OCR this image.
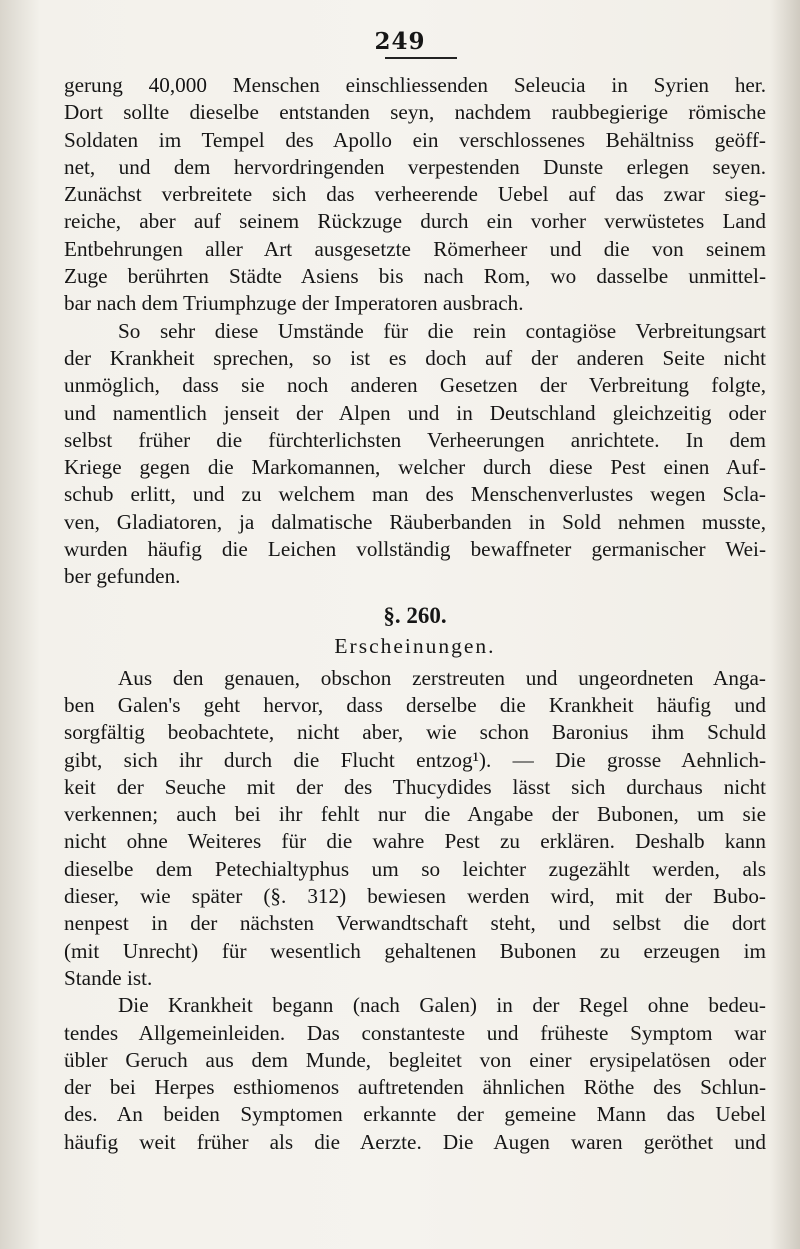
249
gerung 40,000 Menschen einschliessenden Seleucia in Syrien her.
Dort sollte dieselbe entstanden seyn, nachdem raubbegierige römische
Soldaten im Tempel des Apollo ein verschlossenes Behältniss geöff-
net, und dem hervordringenden verpestenden Dunste erlegen seyen.
Zunächst verbreitete sich das verheerende Uebel auf das zwar sieg-
reiche, aber auf seinem Rückzuge durch ein vorher verwüstetes Land
Entbehrungen aller Art ausgesetzte Römerheer und die von seinem
Zuge berührten Städte Asiens bis nach Rom, wo dasselbe unmittel-
bar nach dem Triumphzuge der Imperatoren ausbrach.
So sehr diese Umstände für die rein contagiöse Verbreitungsart
der Krankheit sprechen, so ist es doch auf der anderen Seite nicht
unmöglich, dass sie noch anderen Gesetzen der Verbreitung folgte,
und namentlich jenseit der Alpen und in Deutschland gleichzeitig oder
selbst früher die fürchterlichsten Verheerungen anrichtete. In dem
Kriege gegen die Markomannen, welcher durch diese Pest einen Auf-
schub erlitt, und zu welchem man des Menschenverlustes wegen Scla-
ven, Gladiatoren, ja dalmatische Räuberbanden in Sold nehmen musste,
wurden häufig die Leichen vollständig bewaffneter germanischer Wei-
ber gefunden.
§. 260.
Erscheinungen.
Aus den genauen, obschon zerstreuten und ungeordneten Anga-
ben Galen's geht hervor, dass derselbe die Krankheit häufig und
sorgfältig beobachtete, nicht aber, wie schon Baronius ihm Schuld
gibt, sich ihr durch die Flucht entzog¹). — Die grosse Aehnlich-
keit der Seuche mit der des Thucydides lässt sich durchaus nicht
verkennen; auch bei ihr fehlt nur die Angabe der Bubonen, um sie
nicht ohne Weiteres für die wahre Pest zu erklären. Deshalb kann
dieselbe dem Petechialtyphus um so leichter zugezählt werden, als
dieser, wie später (§. 312) bewiesen werden wird, mit der Bubo-
nenpest in der nächsten Verwandtschaft steht, und selbst die dort
(mit Unrecht) für wesentlich gehaltenen Bubonen zu erzeugen im
Stande ist.
Die Krankheit begann (nach Galen) in der Regel ohne bedeu-
tendes Allgemeinleiden. Das constanteste und früheste Symptom war
übler Geruch aus dem Munde, begleitet von einer erysipelatösen oder
der bei Herpes esthiomenos auftretenden ähnlichen Röthe des Schlun-
des. An beiden Symptomen erkannte der gemeine Mann das Uebel
häufig weit früher als die Aerzte. Die Augen waren geröthet und
